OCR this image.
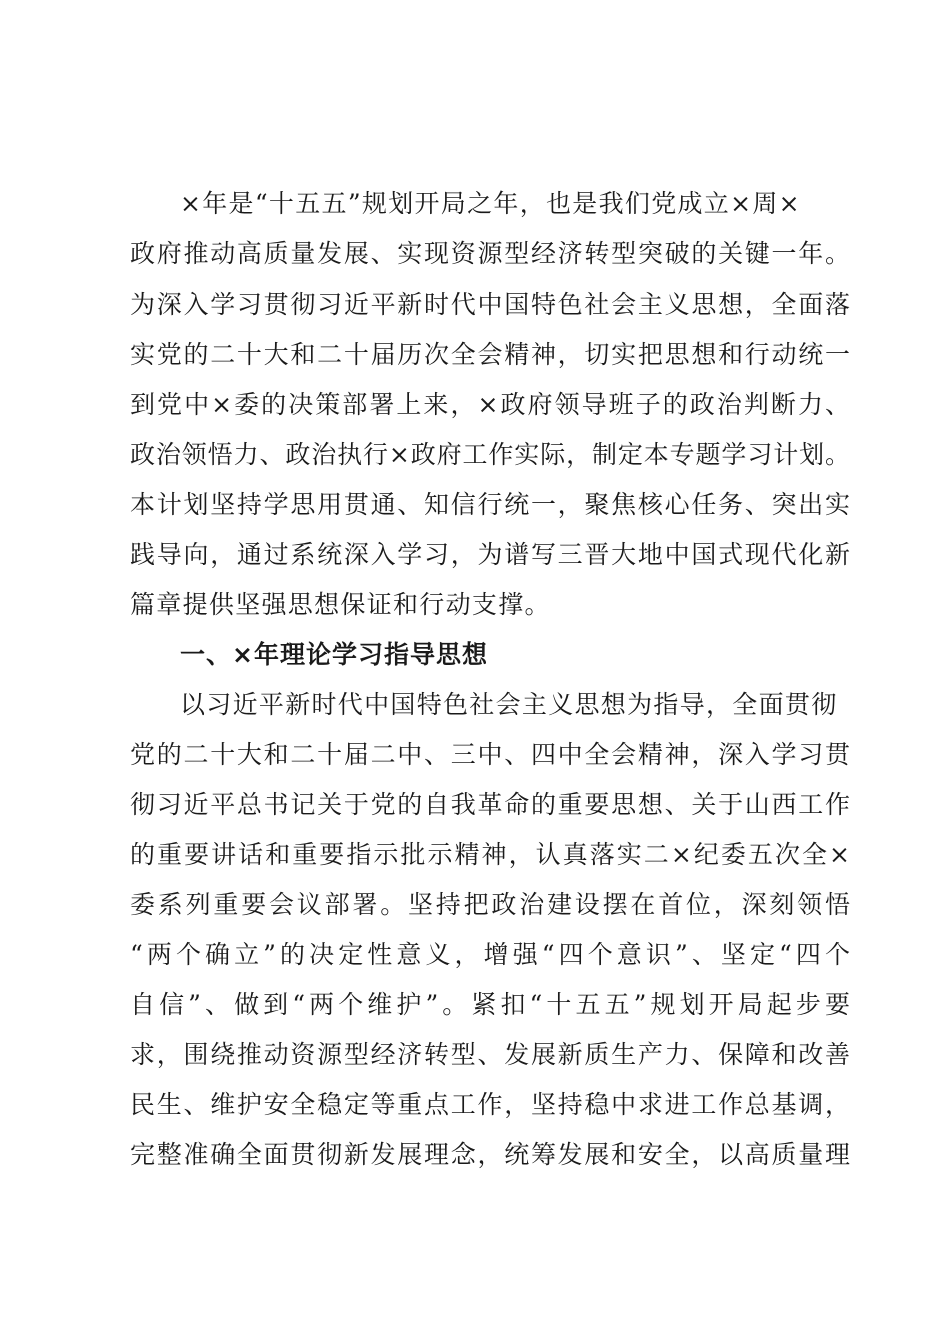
×年是“十五五”规划开局之年，也是我们党成立×周×
政府推动高质量发展、实现资源型经济转型突破的关键一年。
为深入学习贯彻习近平新时代中国特色社会主义思想，全面落
实党的二十大和二十届历次全会精神，切实把思想和行动统一
到党中×委的决策部署上来，×政府领导班子的政治判断力、
政治领悟力、政治执行×政府工作实际，制定本专题学习计划。
本计划坚持学思用贯通、知信行统一，聚焦核心任务、突出实
践导向，通过系统深入学习，为谱写三晋大地中国式现代化新
篇章提供坚强思想保证和行动支撑。
一、×年理论学习指导思想
以习近平新时代中国特色社会主义思想为指导，全面贯彻
党的二十大和二十届二中、三中、四中全会精神，深入学习贯
彻习近平总书记关于党的自我革命的重要思想、关于山西工作
的重要讲话和重要指示批示精神，认真落实二×纪委五次全×
委系列重要会议部署。坚持把政治建设摆在首位，深刻领悟
“两个确立”的决定性意义，增强“四个意识”、坚定“四个
自信”、做到“两个维护”。紧扣“十五五”规划开局起步要
求，围绕推动资源型经济转型、发展新质生产力、保障和改善
民生、维护安全稳定等重点工作，坚持稳中求进工作总基调，
完整准确全面贯彻新发展理念，统筹发展和安全，以高质量理
